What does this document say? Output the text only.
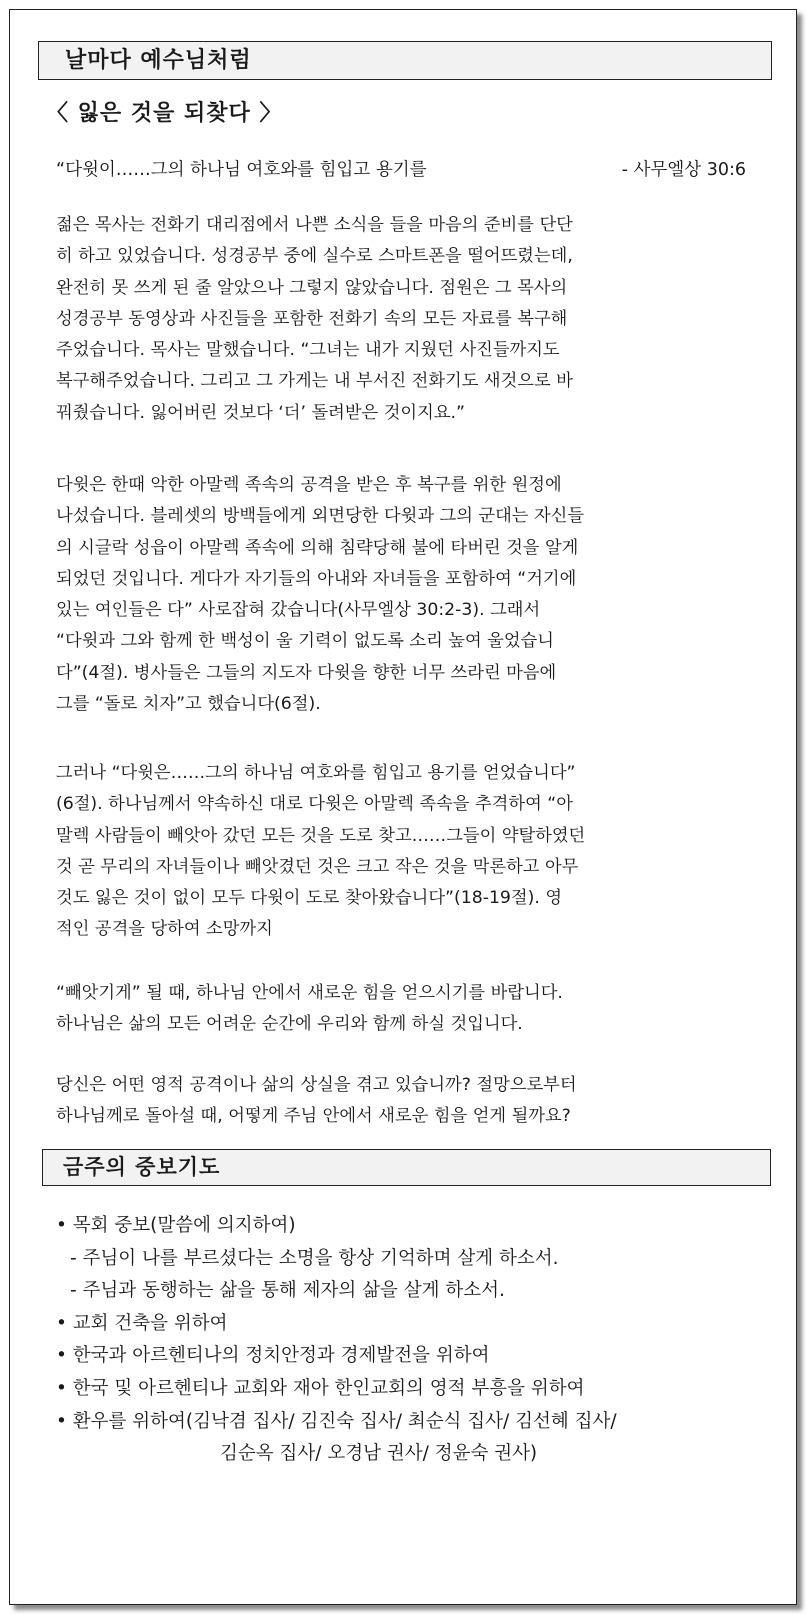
날마다 예수님처럼
〈 잃은 것을 되찾다 〉
“다윗이……그의 하나님 여호와를 힘입고 용기를	- 사무엘상 30:6

젊은 목사는 전화기 대리점에서 나쁜 소식을 들을 마음의 준비를 단단
히 하고 있었습니다. 성경공부 중에 실수로 스마트폰을 떨어뜨렸는데,
완전히 못 쓰게 된 줄 알았으나 그렇지 않았습니다. 점원은 그 목사의
성경공부 동영상과 사진들을 포함한 전화기 속의 모든 자료를 복구해
주었습니다. 목사는 말했습니다. “그녀는 내가 지웠던 사진들까지도
복구해주었습니다. 그리고 그 가게는 내 부서진 전화기도 새것으로 바
꿔줬습니다. 잃어버린 것보다 ‘더’ 돌려받은 것이지요.”

다윗은 한때 악한 아말렉 족속의 공격을 받은 후 복구를 위한 원정에
나섰습니다. 블레셋의 방백들에게 외면당한 다윗과 그의 군대는 자신들
의 시글락 성읍이 아말렉 족속에 의해 침략당해 불에 타버린 것을 알게
되었던 것입니다. 게다가 자기들의 아내와 자녀들을 포함하여 “거기에
있는 여인들은 다” 사로잡혀 갔습니다(사무엘상 30:2-3). 그래서
“다윗과 그와 함께 한 백성이 울 기력이 없도록 소리 높여 울었습니
다”(4절). 병사들은 그들의 지도자 다윗을 향한 너무 쓰라린 마음에
그를 “돌로 치자”고 했습니다(6절).

그러나 “다윗은……그의 하나님 여호와를 힘입고 용기를 얻었습니다”
(6절). 하나님께서 약속하신 대로 다윗은 아말렉 족속을 추격하여 “아
말렉 사람들이 빼앗아 갔던 모든 것을 도로 찾고……그들이 약탈하였던
것 곧 무리의 자녀들이나 빼앗겼던 것은 크고 작은 것을 막론하고 아무
것도 잃은 것이 없이 모두 다윗이 도로 찾아왔습니다”(18-19절). 영
적인 공격을 당하여 소망까지

“빼앗기게” 될 때, 하나님 안에서 새로운 힘을 얻으시기를 바랍니다.
하나님은 삶의 모든 어려운 순간에 우리와 함께 하실 것입니다.

당신은 어떤 영적 공격이나 삶의 상실을 겪고 있습니까? 절망으로부터
하나님께로 돌아설 때, 어떻게 주님 안에서 새로운 힘을 얻게 될까요?

금주의 중보기도
• 목회 중보(말씀에 의지하여)
- 주님이 나를 부르셨다는 소명을 항상 기억하며 살게 하소서.
- 주님과 동행하는 삶을 통해 제자의 삶을 살게 하소서.
• 교회 건축을 위하여
• 한국과 아르헨티나의 정치안정과 경제발전을 위하여
• 한국 및 아르헨티나 교회와 재아 한인교회의 영적 부흥을 위하여
• 환우를 위하여(김낙겸 집사/ 김진숙 집사/ 최순식 집사/ 김선혜 집사/
김순옥 집사/ 오경남 권사/ 정윤숙 권사)
